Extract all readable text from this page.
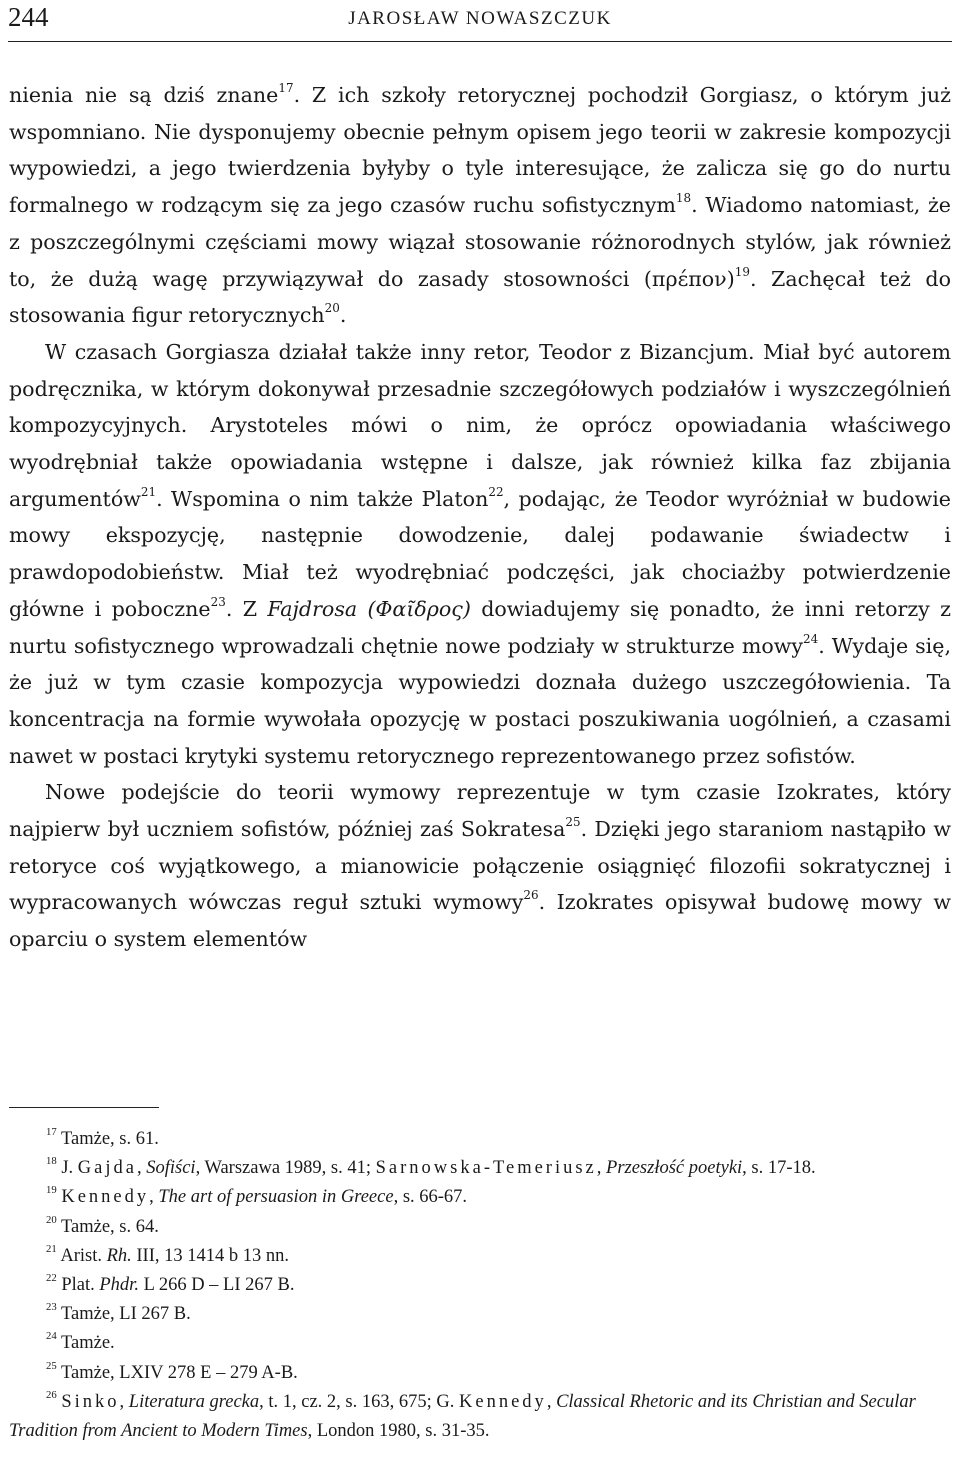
244	JAROSŁAW NOWASZCZUK

nienia nie są dziś znane$^{17}$. Z ich szkoły retorycznej pochodził Gorgiasz, o którym już wspomniano. Nie dysponujemy obecnie pełnym opisem jego teorii w zakresie kompozycji wypowiedzi, a jego twierdzenia byłyby o tyle interesujące, że zalicza się go do nurtu formalnego w rodzącym się za jego czasów ruchu sofistycznym$^{18}$. Wiadomo natomiast, że z poszczególnymi częściami mowy wiązał stosowanie różnorodnych stylów, jak również to, że dużą wagę przywiązywał do zasady stosowności $(\pi\rho έ\pi o\nu)^{19}$. Zachęcał też do stosowania figur retorycznych$^{20}$.

W czasach Gorgiasza działał także inny retor, Teodor z Bizancjum. Miał być autorem podręcznika, w którym dokonywał przesadnie szczegółowych podziałów i wyszczególnień kompozycyjnych. Arystoteles mówi o nim, że oprócz opowiadania właściwego wyodrębniał także opowiadania wstępne i dalsze, jak również kilka faz zbijania argumentów$^{21}$. Wspomina o nim także Platon$^{22}$, podając, że Teodor wyróżniał w budowie mowy ekspozycję, następnie dowodzenie, dalej podawanie świadectw i prawdopodobieństw. Miał też wyodrębniać podczęści, jak chociażby potwierdzenie główne i poboczne$^{23}$. Z Fajdrosa (Φαῖδρος) dowiadujemy się ponadto, że inni retorzy z nurtu sofistycznego wprowadzali chętnie nowe podziały w strukturze mowy$^{24}$. Wydaje się, że już w tym czasie kompozycja wypowiedzi doznała dużego uszczegółowienia. Ta koncentracja na formie wywołała opozycję w postaci poszukiwania uogólnień, a czasami nawet w postaci krytyki systemu retorycznego reprezentowanego przez sofistów.

Nowe podejście do teorii wymowy reprezentuje w tym czasie Izokrates, który najpierw był uczniem sofistów, później zaś Sokratesa$^{25}$. Dzięki jego staraniom nastąpiło w retoryce coś wyjątkowego, a mianowicie połączenie osiągnięć filozofii sokratycznej i wypracowanych wówczas reguł sztuki wymowy$^{26}$. Izokrates opisywał budowę mowy w oparciu o system elementów

$^{17}$ Tamże, s. 61.

$^{18}$ J. Gajda, Sofiści, Warszawa 1989, s. 41; Sarnowska-Temeriusz, Przeszłość poetyki, s. 17-18.

$^{19}$ Kennedy, The art of persuasion in Greece, s. 66-67.

$^{20}$ Tamże, s. 64.

$^{21}$ Arist. Rh. III, 13 1414 b 13 nn.

$^{22}$ Plat. Phdr. L 266 D – LI 267 B.

$^{23}$ Tamże, LI 267 B.

$^{24}$ Tamże.

$^{25}$ Tamże, LXIV 278 E – 279 A-B.

$^{26}$ Sinko, Literatura grecka, t. 1, cz. 2, s. 163, 675; G. Kennedy, Classical Rhetoric and its Christian and Secular Tradition from Ancient to Modern Times, London 1980, s. 31-35.
